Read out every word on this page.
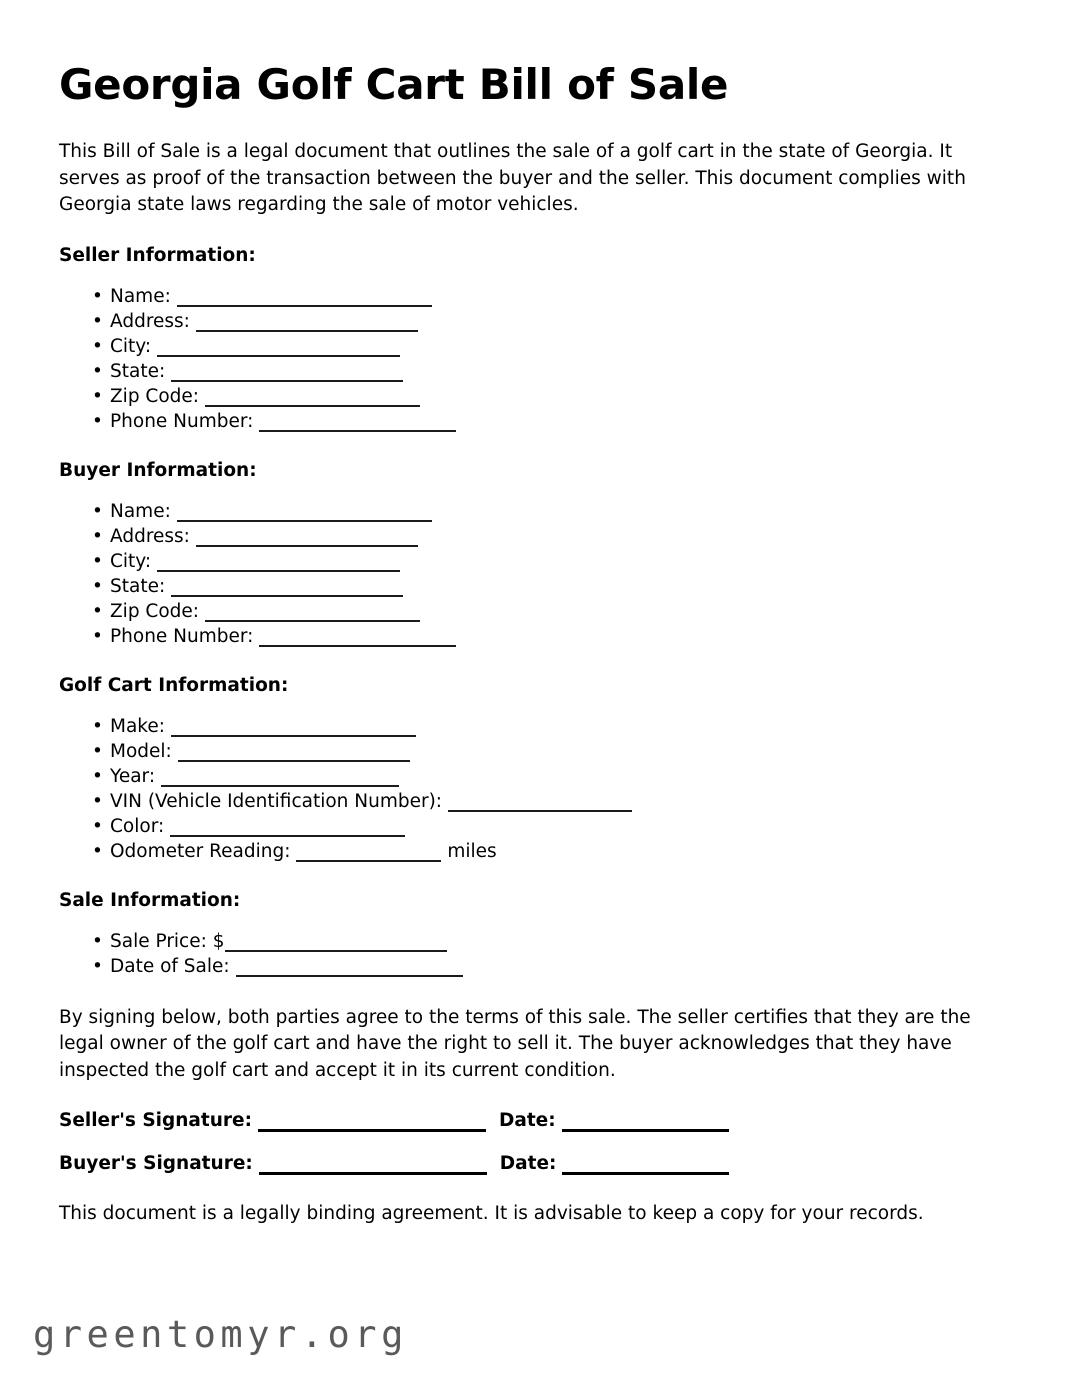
Georgia Golf Cart Bill of Sale

This Bill of Sale is a legal document that outlines the sale of a golf cart in the state of Georgia. It serves as proof of the transaction between the buyer and the seller. This document complies with Georgia state laws regarding the sale of motor vehicles.

Seller Information:
• Name:
• Address:
• City:
• State:
• Zip Code:
• Phone Number:
Buyer Information:
• Name:
• Address:
• City:
• State:
• Zip Code:
• Phone Number:
Golf Cart Information:
• Make:
• Model:
• Year:
• VIN (Vehicle Identification Number):
• Color:
• Odometer Reading:	miles
Sale Information:
• Sale Price: $
• Date of Sale:

By signing below, both parties agree to the terms of this sale. The seller certifies that they are the legal owner of the golf cart and have the right to sell it. The buyer acknowledges that they have inspected the golf cart and accept it in its current condition.

Seller's Signature:	Date:
Buyer's Signature:	Date:

This document is a legally binding agreement. It is advisable to keep a copy for your records.

greentomyr.org
